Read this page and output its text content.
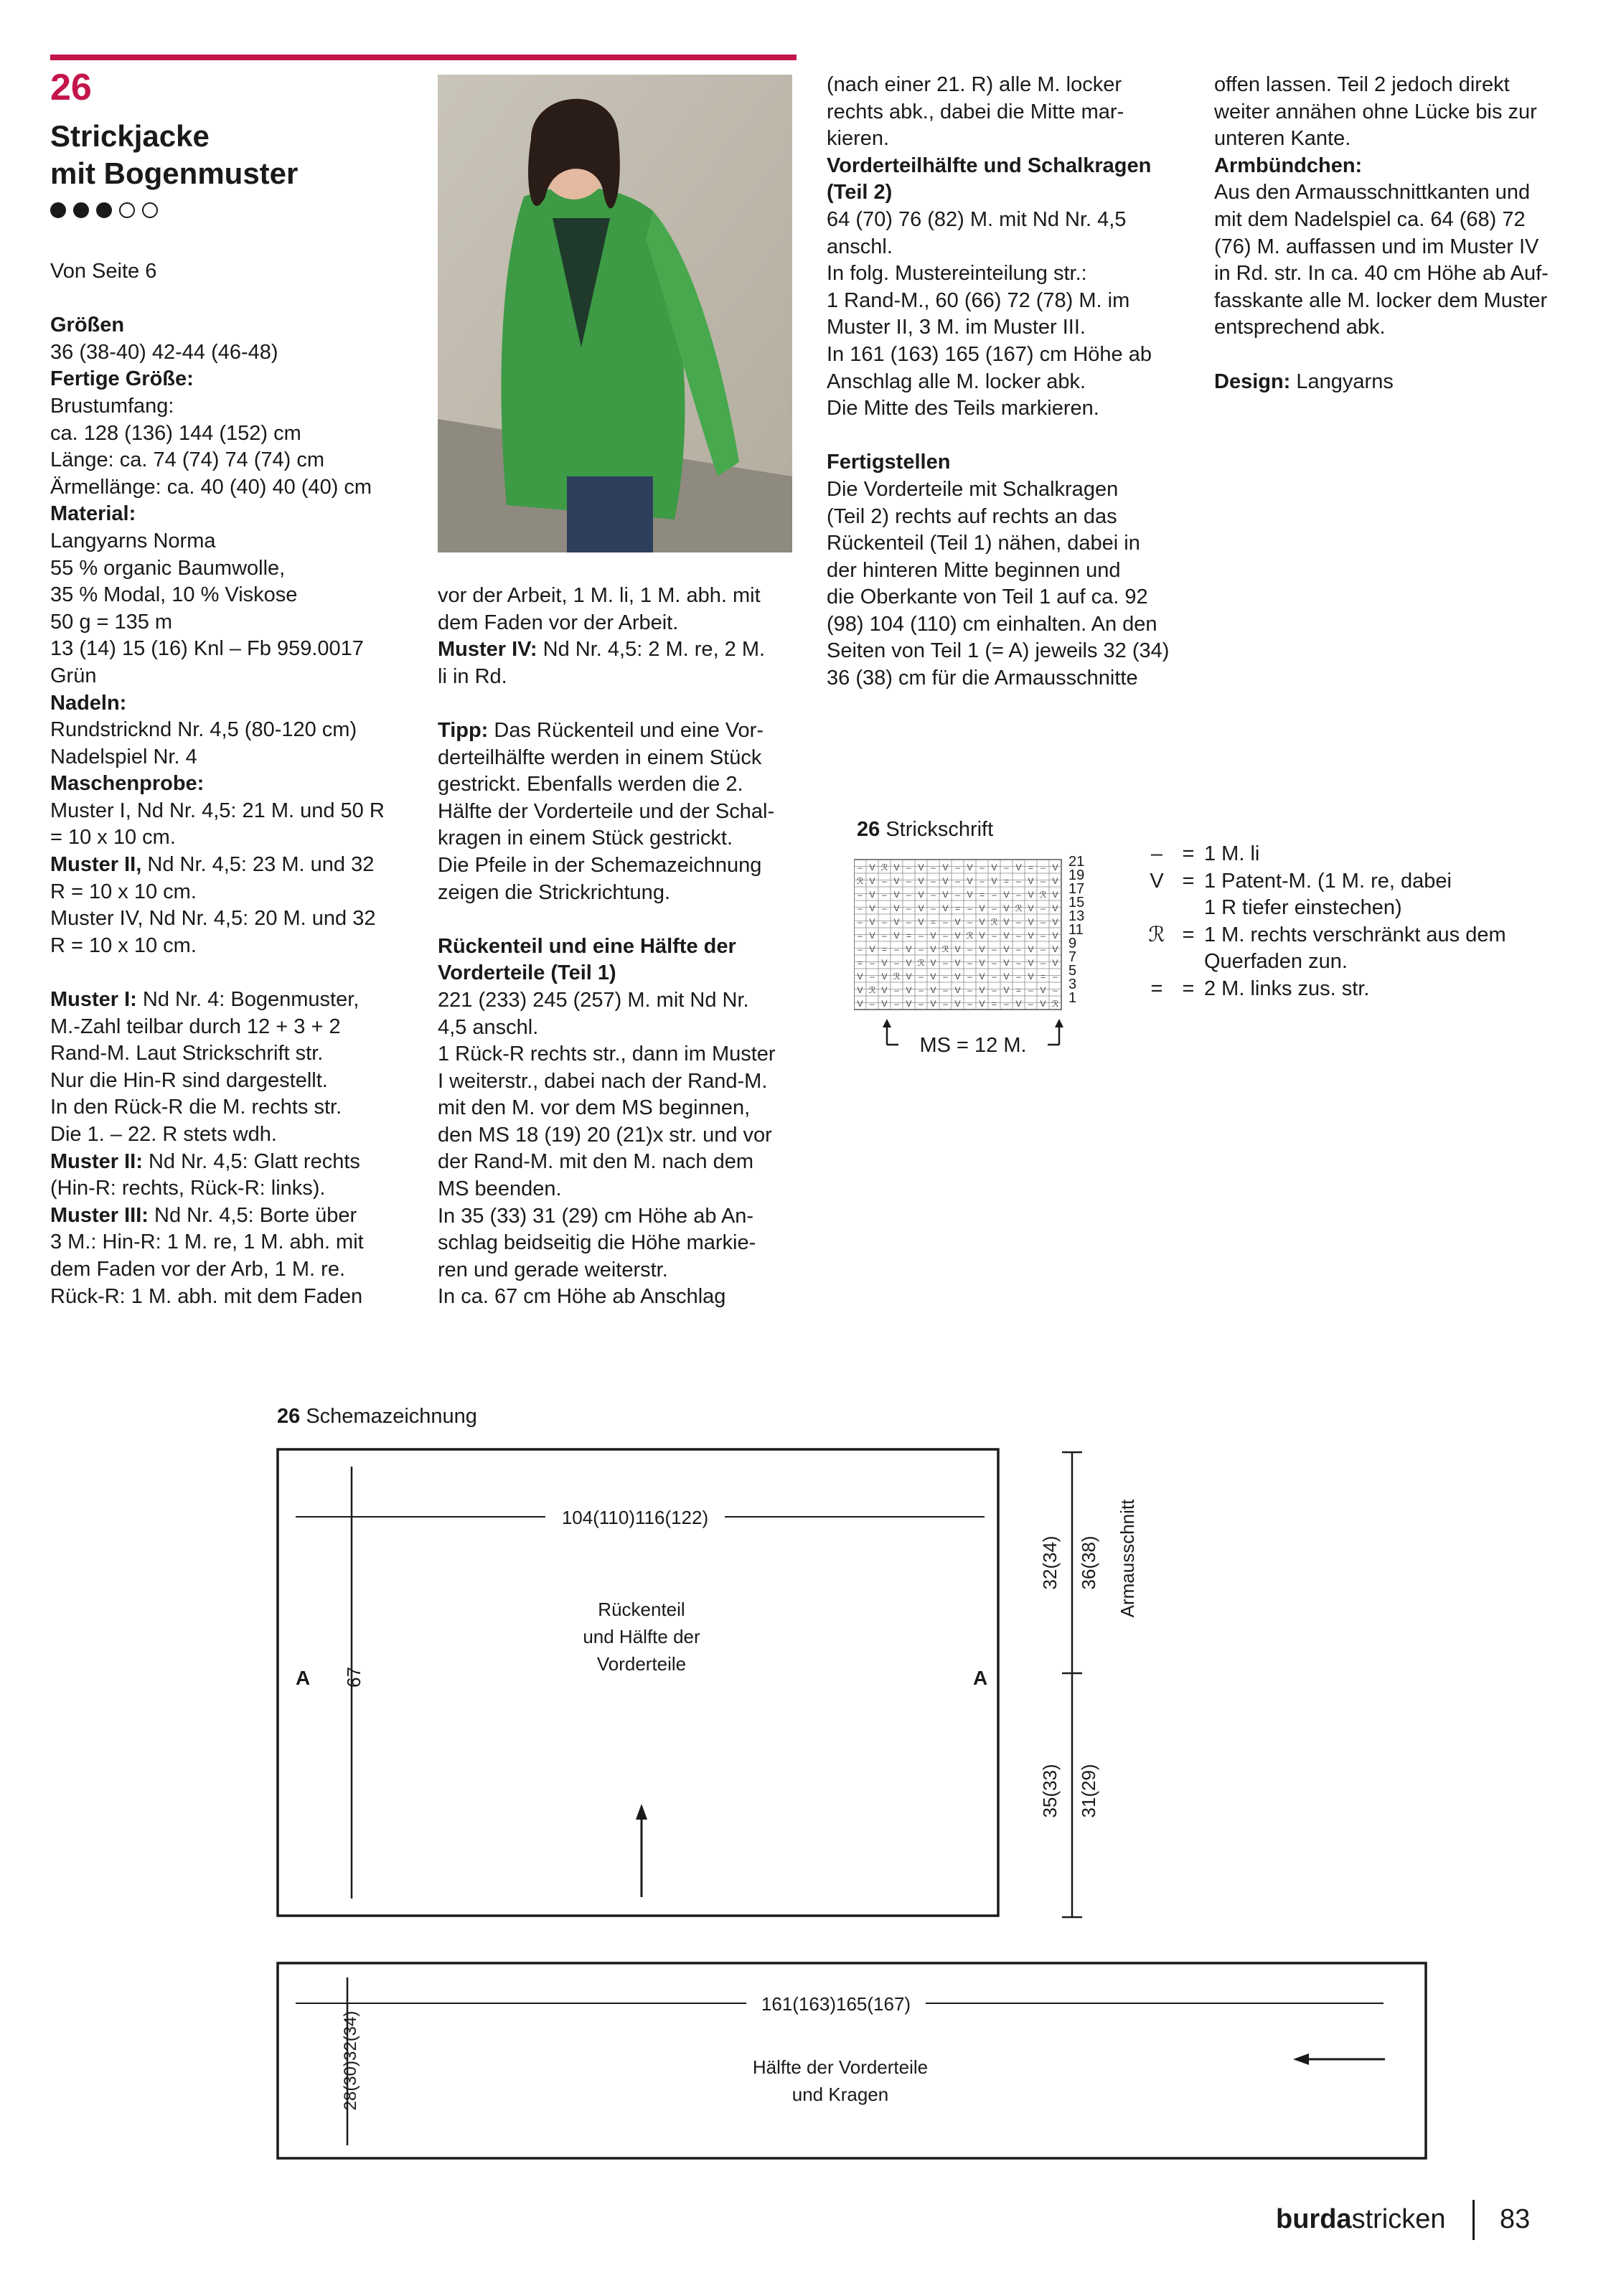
26
Strickjacke
mit Bogenmuster

Von Seite 6

Größen

36 (38-40) 42-44 (46-48)

Fertige Größe:

Brustumfang:

ca. 128 (136) 144 (152) cm

Länge: ca. 74 (74) 74 (74) cm

Ärmellänge: ca. 40 (40) 40 (40) cm

Material:

Langyarns Norma

55 % organic Baumwolle,

35 % Modal, 10 % Viskose

50 g = 135 m

13 (14) 15 (16) Knl – Fb 959.0017

Grün

Nadeln:

Rundstricknd Nr. 4,5 (80-120 cm)

Nadelspiel Nr. 4

Maschenprobe:

Muster I, Nd Nr. 4,5: 21 M. und 50 R

= 10 x 10 cm.

Muster II, Nd Nr. 4,5: 23 M. und 32

R = 10 x 10 cm.

Muster IV, Nd Nr. 4,5: 20 M. und 32

R = 10 x 10 cm.

Muster I: Nd Nr. 4: Bogenmuster,

M.-Zahl teilbar durch 12 + 3 + 2

Rand-M. Laut Strickschrift str.

Nur die Hin-R sind dargestellt.

In den Rück-R die M. rechts str.

Die 1. – 22. R stets wdh.

Muster II: Nd Nr. 4,5: Glatt rechts

(Hin-R: rechts, Rück-R: links).

Muster III: Nd Nr. 4,5: Borte über

3 M.: Hin-R: 1 M. re, 1 M. abh. mit

dem Faden vor der Arb, 1 M. re.

Rück-R: 1 M. abh. mit dem Faden

vor der Arbeit, 1 M. li, 1 M. abh. mit

dem Faden vor der Arbeit.

Muster IV: Nd Nr. 4,5: 2 M. re, 2 M.

li in Rd.

Tipp: Das Rückenteil und eine Vor-

derteilhälfte werden in einem Stück

gestrickt. Ebenfalls werden die 2.

Hälfte der Vorderteile und der Schal-

kragen in einem Stück gestrickt.

Die Pfeile in der Schemazeichnung

zeigen die Strickrichtung.

Rückenteil und eine Hälfte der

Vorderteile (Teil 1)

221 (233) 245 (257) M. mit Nd Nr.

4,5 anschl.

1 Rück-R rechts str., dann im Muster

I weiterstr., dabei nach der Rand-M.

mit den M. vor dem MS beginnen,

den MS 18 (19) 20 (21)x str. und vor

der Rand-M. mit den M. nach dem

MS beenden.

In 35 (33) 31 (29) cm Höhe ab An-

schlag beidseitig die Höhe markie-

ren und gerade weiterstr.

In ca. 67 cm Höhe ab Anschlag

(nach einer 21. R) alle M. locker

rechts abk., dabei die Mitte mar-

kieren.

Vorderteilhälfte und Schalkragen

(Teil 2)

64 (70) 76 (82) M. mit Nd Nr. 4,5

anschl.

In folg. Mustereinteilung str.:

1 Rand-M., 60 (66) 72 (78) M. im

Muster II, 3 M. im Muster III.

In 161 (163) 165 (167) cm Höhe ab

Anschlag alle M. locker abk.

Die Mitte des Teils markieren.

Fertigstellen

Die Vorderteile mit Schalkragen

(Teil 2) rechts auf rechts an das

Rückenteil (Teil 1) nähen, dabei in

der hinteren Mitte beginnen und

die Oberkante von Teil 1 auf ca. 92

(98) 104 (110) cm einhalten. An den

Seiten von Teil 1 (= A) jeweils 32 (34)

36 (38) cm für die Armausschnitte

offen lassen. Teil 2 jedoch direkt

weiter annähen ohne Lücke bis zur

unteren Kante.

Armbündchen:

Aus den Armausschnittkanten und

mit dem Nadelspiel ca. 64 (68) 72

(76) M. auffassen und im Muster IV

in Rd. str. In ca. 40 cm Höhe ab Auf-

fasskante alle M. locker dem Muster

entsprechend abk.

Design: Langyarns

26 Strickschrift
– V ℛ V – V – V – V – V – V = – V
ℛ V – V – V – V – V – V = – V – V
– V – V – V – V – V = – V – V ℛ V
– V – V – V – V = – V – V ℛ V – V
– V – V – V = – V – V ℛ V – V – V
– V – V = – V – V ℛ V – V – V – V
– V = – V – V ℛ V – V – V – V – V
= – V – V ℛ V – V – V – V – V – V
V – V ℛ V – V – V – V – V – V = –
V ℛ V – V – V – V – V – V = – V –
V – V – V – V – V – V = – V – V ℛ
21
19
17
15
13
11
9
7
5
3
1
MS = 12 M.
– = 1 M. li
V = 1 Patent-M. (1 M. re, dabei
1 R tiefer einstechen)
ℛ = 1 M. rechts verschränkt aus dem
Querfaden zun.
= = 2 M. links zus. str.
26 Schemazeichnung
104(110)116(122)
Rückenteil
und Hälfte der
Vorderteile
A	A
67
32(34) 36(38) Armausschnitt
35(33) 31(29)
161(163)165(167)
Hälfte der Vorderteile
und Kragen
28(30)32(34)
burdastricken 83
